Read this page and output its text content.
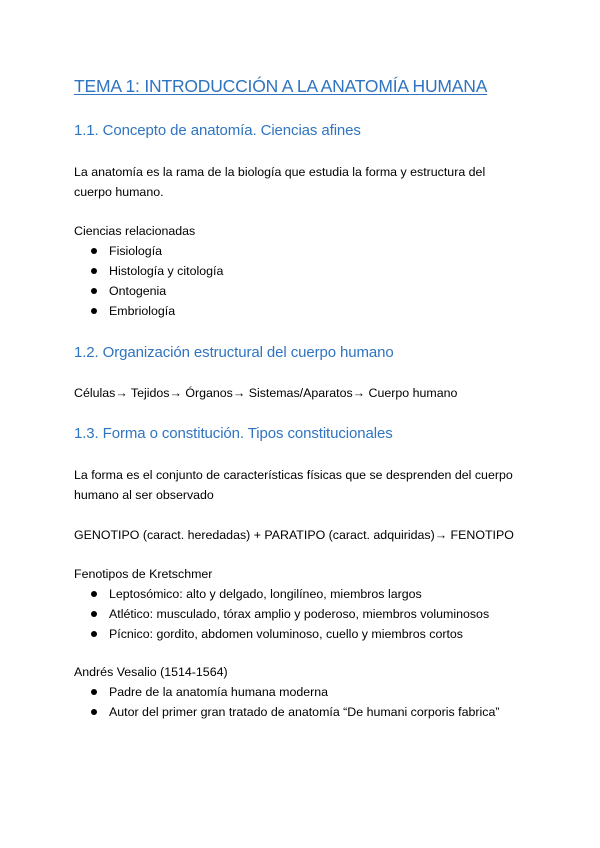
TEMA 1: INTRODUCCIÓN A LA ANATOMÍA HUMANA
1.1. Concepto de anatomía. Ciencias afines
La anatomía es la rama de la biología que estudia la forma y estructura del
cuerpo humano.
Ciencias relacionadas
Fisiología
Histología y citología
Ontogenia
Embriología
1.2. Organización estructural del cuerpo humano
Células→ Tejidos→ Órganos→ Sistemas/Aparatos→ Cuerpo humano
1.3. Forma o constitución. Tipos constitucionales
La forma es el conjunto de características físicas que se desprenden del cuerpo
humano al ser observado
GENOTIPO (caract. heredadas) + PARATIPO (caract. adquiridas)→ FENOTIPO
Fenotipos de Kretschmer
Leptosómico: alto y delgado, longilíneo, miembros largos
Atlético: musculado, tórax amplio y poderoso, miembros voluminosos
Pícnico: gordito, abdomen voluminoso, cuello y miembros cortos
Andrés Vesalio (1514-1564)
Padre de la anatomía humana moderna
Autor del primer gran tratado de anatomía “De humani corporis fabrica”
